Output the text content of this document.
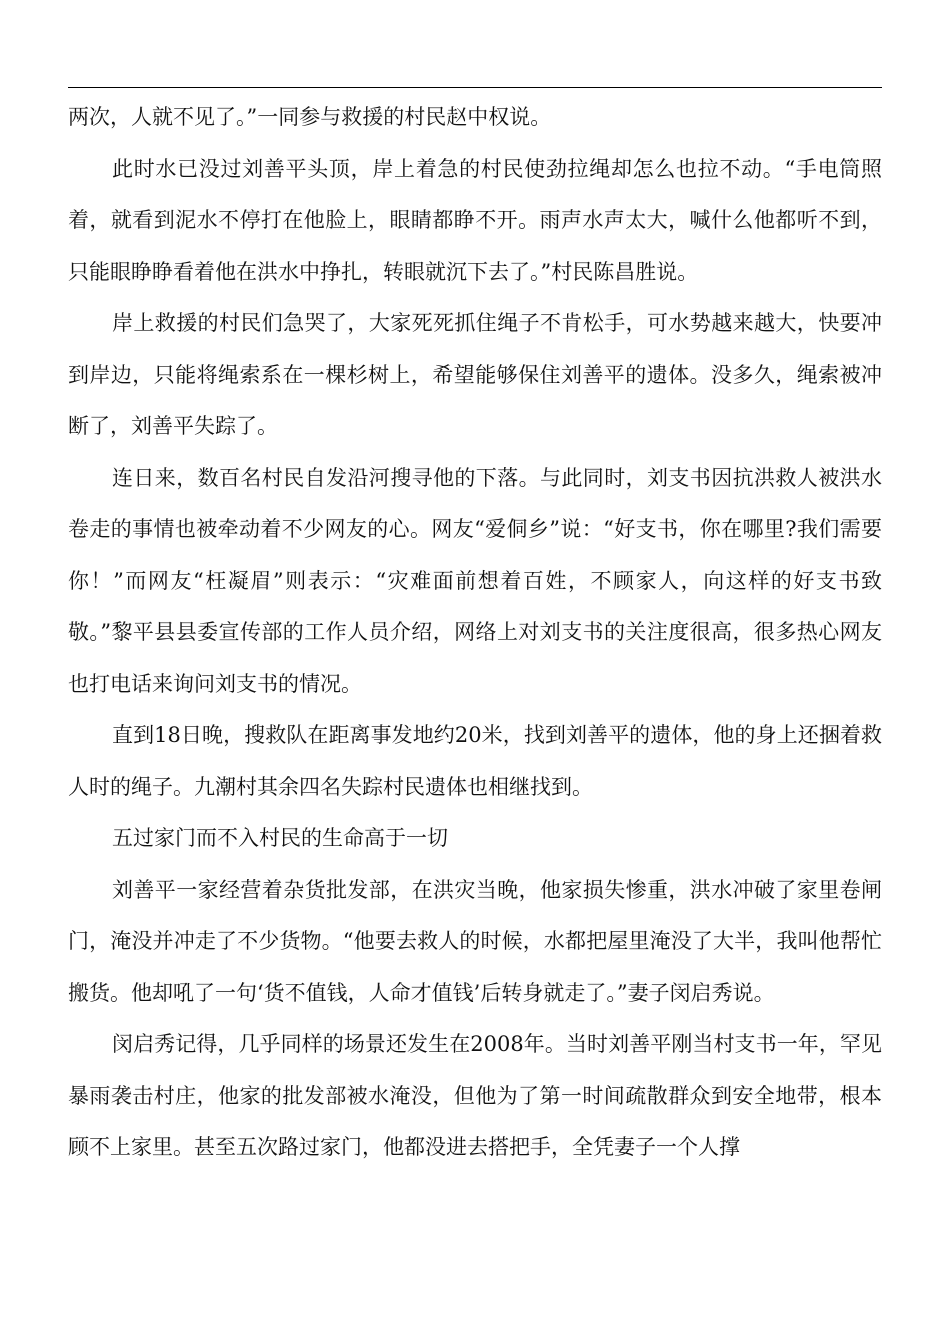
两次，人就不见了。”一同参与救援的村民赵中权说。

此时水已没过刘善平头顶，岸上着急的村民使劲拉绳却怎么也拉不动。“手电筒照着，就看到泥水不停打在他脸上，眼睛都睁不开。雨声水声太大，喊什么他都听不到，只能眼睁睁看着他在洪水中挣扎，转眼就沉下去了。”村民陈昌胜说。

岸上救援的村民们急哭了，大家死死抓住绳子不肯松手，可水势越来越大，快要冲到岸边，只能将绳索系在一棵杉树上，希望能够保住刘善平的遗体。没多久，绳索被冲断了，刘善平失踪了。

连日来，数百名村民自发沿河搜寻他的下落。与此同时，刘支书因抗洪救人被洪水卷走的事情也被牵动着不少网友的心。网友“爱侗乡”说：“好支书，你在哪里?我们需要你！”而网友“枉凝眉”则表示：“灾难面前想着百姓，不顾家人，向这样的好支书致敬。”黎平县县委宣传部的工作人员介绍，网络上对刘支书的关注度很高，很多热心网友也打电话来询问刘支书的情况。

直到18日晚，搜救队在距离事发地约20米，找到刘善平的遗体，他的身上还捆着救人时的绳子。九潮村其余四名失踪村民遗体也相继找到。

五过家门而不入村民的生命高于一切

刘善平一家经营着杂货批发部，在洪灾当晚，他家损失惨重，洪水冲破了家里卷闸门，淹没并冲走了不少货物。“他要去救人的时候，水都把屋里淹没了大半，我叫他帮忙搬货。他却吼了一句‘货不值钱，人命才值钱’后转身就走了。”妻子闵启秀说。

闵启秀记得，几乎同样的场景还发生在2008年。当时刘善平刚当村支书一年，罕见暴雨袭击村庄，他家的批发部被水淹没，但他为了第一时间疏散群众到安全地带，根本顾不上家里。甚至五次路过家门，他都没进去搭把手，全凭妻子一个人撑
